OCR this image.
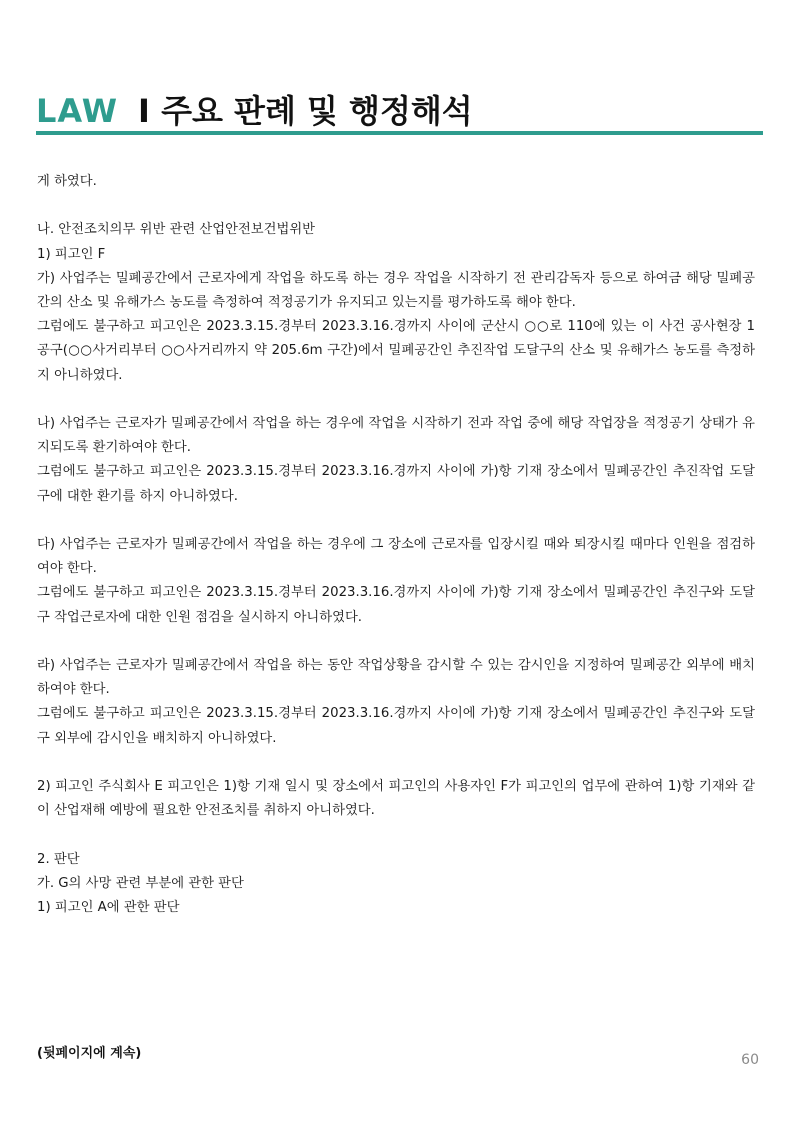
LAW I 주요 판례 및 행정해석

게 하였다.

나. 안전조치의무 위반 관련 산업안전보건법위반

1) 피고인 F

가) 사업주는 밀폐공간에서 근로자에게 작업을 하도록 하는 경우 작업을 시작하기 전 관리감독자 등으로 하여금 해당 밀폐공간의 산소 및 유해가스 농도를 측정하여 적정공기가 유지되고 있는지를 평가하도록 해야 한다.

그럼에도 불구하고 피고인은 2023.3.15.경부터 2023.3.16.경까지 사이에 군산시 ○○로 110에 있는 이 사건 공사현장 1공구(○○사거리부터 ○○사거리까지 약 205.6m 구간)에서 밀폐공간인 추진작업 도달구의 산소 및 유해가스 농도를 측정하지 아니하였다.

나) 사업주는 근로자가 밀폐공간에서 작업을 하는 경우에 작업을 시작하기 전과 작업 중에 해당 작업장을 적정공기 상태가 유지되도록 환기하여야 한다.

그럼에도 불구하고 피고인은 2023.3.15.경부터 2023.3.16.경까지 사이에 가)항 기재 장소에서 밀폐공간인 추진작업 도달구에 대한 환기를 하지 아니하였다.

다) 사업주는 근로자가 밀폐공간에서 작업을 하는 경우에 그 장소에 근로자를 입장시킬 때와 퇴장시킬 때마다 인원을 점검하여야 한다.

그럼에도 불구하고 피고인은 2023.3.15.경부터 2023.3.16.경까지 사이에 가)항 기재 장소에서 밀폐공간인 추진구와 도달구 작업근로자에 대한 인원 점검을 실시하지 아니하였다.

라) 사업주는 근로자가 밀폐공간에서 작업을 하는 동안 작업상황을 감시할 수 있는 감시인을 지정하여 밀폐공간 외부에 배치하여야 한다.

그럼에도 불구하고 피고인은 2023.3.15.경부터 2023.3.16.경까지 사이에 가)항 기재 장소에서 밀폐공간인 추진구와 도달구 외부에 감시인을 배치하지 아니하였다.

2) 피고인 주식회사 E 피고인은 1)항 기재 일시 및 장소에서 피고인의 사용자인 F가 피고인의 업무에 관하여 1)항 기재와 같이 산업재해 예방에 필요한 안전조치를 취하지 아니하였다.

2. 판단

가. G의 사망 관련 부분에 관한 판단

1) 피고인 A에 관한 판단

(뒷페이지에 계속)	60
